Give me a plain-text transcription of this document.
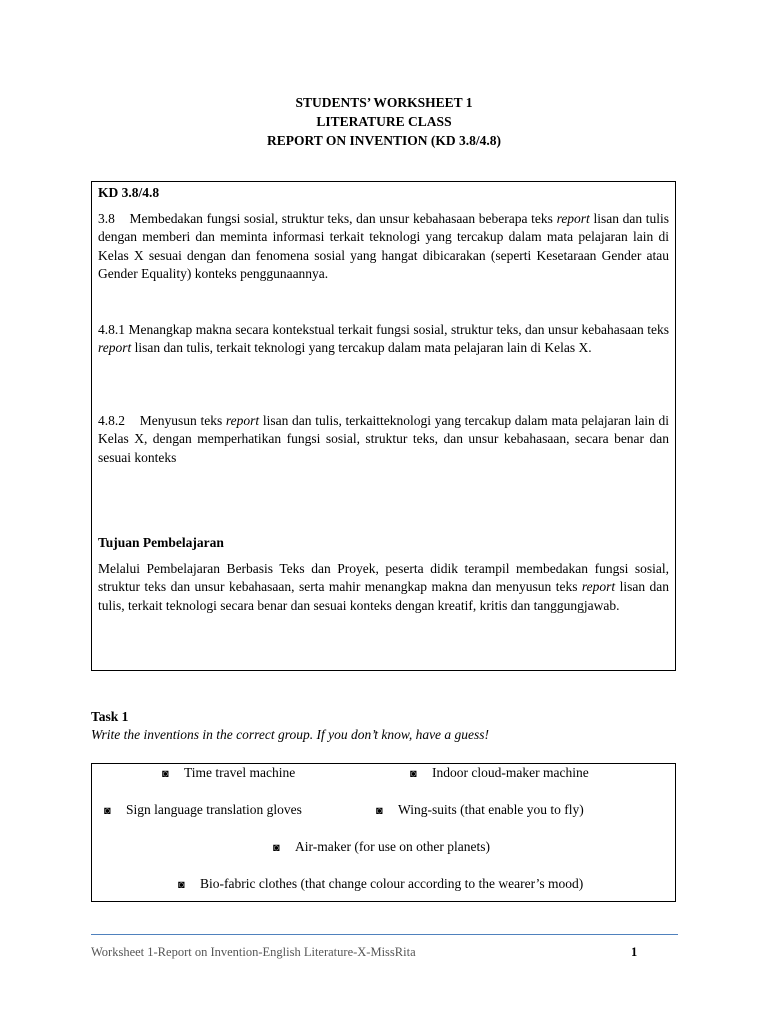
STUDENTS’ WORKSHEET 1
LITERATURE CLASS
REPORT ON INVENTION (KD 3.8/4.8)
KD 3.8/4.8
3.8    Membedakan fungsi sosial, struktur teks, dan unsur kebahasaan beberapa teks report lisan dan tulis dengan memberi dan meminta informasi terkait teknologi yang tercakup dalam mata pelajaran lain di Kelas X sesuai dengan dan fenomena sosial yang hangat dibicarakan (seperti Kesetaraan Gender atau Gender Equality) konteks penggunaannya.
4.8.1 Menangkap makna secara kontekstual terkait fungsi sosial, struktur teks, dan unsur kebahasaan teks report lisan dan tulis, terkait teknologi yang tercakup dalam mata pelajaran lain di Kelas X.
4.8.2    Menyusun teks report lisan dan tulis, terkaitteknologi yang tercakup dalam mata pelajaran lain di Kelas X, dengan memperhatikan fungsi sosial, struktur teks, dan unsur kebahasaan, secara benar dan sesuai konteks
Tujuan Pembelajaran
Melalui Pembelajaran Berbasis Teks dan Proyek, peserta didik terampil membedakan fungsi sosial, struktur teks dan unsur kebahasaan, serta mahir menangkap makna dan menyusun teks report lisan dan tulis, terkait teknologi secara benar dan sesuai konteks dengan kreatif, kritis dan tanggungjawab.
Task 1
Write the inventions in the correct group. If you don’t know, have a guess!
◙ Time travel machine	◙ Indoor cloud-maker machine
◙ Sign language translation gloves	◙ Wing-suits (that enable you to fly)
◙ Air-maker (for use on other planets)
◙ Bio-fabric clothes (that change colour according to the wearer’s mood)
Worksheet 1-Report on Invention-English Literature-X-MissRita	1
